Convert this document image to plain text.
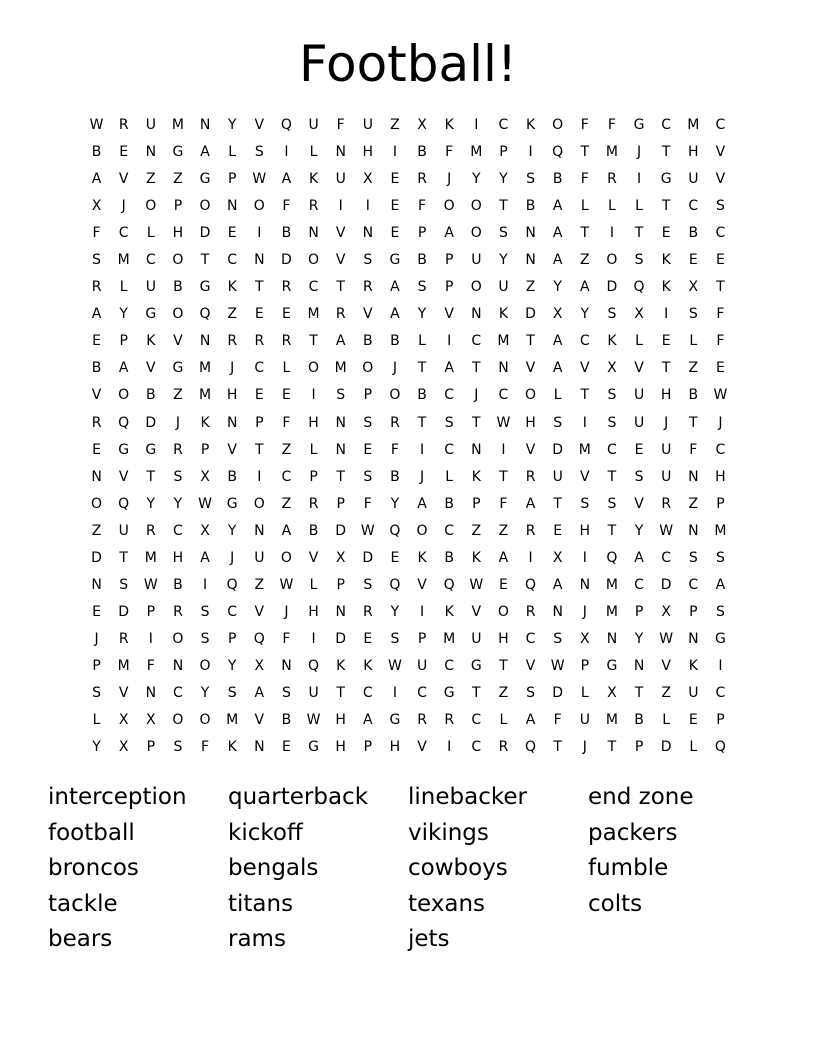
Football!
W	R	U	M	N	Y	V	Q	U	F	U	Z	X	K	I	C	K	O	F	F	G	C	M	C
B	E	N	G	A	L	S	I	L	N	H	I	B	F	M	P	I	Q	T	M	J	T	H	V
A	V	Z	Z	G	P	W	A	K	U	X	E	R	J	Y	Y	S	B	F	R	I	G	U	V
X	J	O	P	O	N	O	F	R	I	I	E	F	O	O	T	B	A	L	L	L	T	C	S
F	C	L	H	D	E	I	B	N	V	N	E	P	A	O	S	N	A	T	I	T	E	B	C
S	M	C	O	T	C	N	D	O	V	S	G	B	P	U	Y	N	A	Z	O	S	K	E	E
R	L	U	B	G	K	T	R	C	T	R	A	S	P	O	U	Z	Y	A	D	Q	K	X	T
A	Y	G	O	Q	Z	E	E	M	R	V	A	Y	V	N	K	D	X	Y	S	X	I	S	F
E	P	K	V	N	R	R	R	T	A	B	B	L	I	C	M	T	A	C	K	L	E	L	F
B	A	V	G	M	J	C	L	O	M	O	J	T	A	T	N	V	A	V	X	V	T	Z	E
V	O	B	Z	M	H	E	E	I	S	P	O	B	C	J	C	O	L	T	S	U	H	B	W
R	Q	D	J	K	N	P	F	H	N	S	R	T	S	T	W	H	S	I	S	U	J	T	J
E	G	G	R	P	V	T	Z	L	N	E	F	I	C	N	I	V	D	M	C	E	U	F	C
N	V	T	S	X	B	I	C	P	T	S	B	J	L	K	T	R	U	V	T	S	U	N	H
O	Q	Y	Y	W	G	O	Z	R	P	F	Y	A	B	P	F	A	T	S	S	V	R	Z	P
Z	U	R	C	X	Y	N	A	B	D	W	Q	O	C	Z	Z	R	E	H	T	Y	W	N	M
D	T	M	H	A	J	U	O	V	X	D	E	K	B	K	A	I	X	I	Q	A	C	S	S
N	S	W	B	I	Q	Z	W	L	P	S	Q	V	Q	W	E	Q	A	N	M	C	D	C	A
E	D	P	R	S	C	V	J	H	N	R	Y	I	K	V	O	R	N	J	M	P	X	P	S
J	R	I	O	S	P	Q	F	I	D	E	S	P	M	U	H	C	S	X	N	Y	W	N	G
P	M	F	N	O	Y	X	N	Q	K	K	W	U	C	G	T	V	W	P	G	N	V	K	I
S	V	N	C	Y	S	A	S	U	T	C	I	C	G	T	Z	S	D	L	X	T	Z	U	C
L	X	X	O	O	M	V	B	W	H	A	G	R	R	C	L	A	F	U	M	B	L	E	P
Y	X	P	S	F	K	N	E	G	H	P	H	V	I	C	R	Q	T	J	T	P	D	L	Q
interception
football
broncos
tackle
bears
quarterback
kickoff
bengals
titans
rams
linebacker
vikings
cowboys
texans
jets
end zone
packers
fumble
colts
